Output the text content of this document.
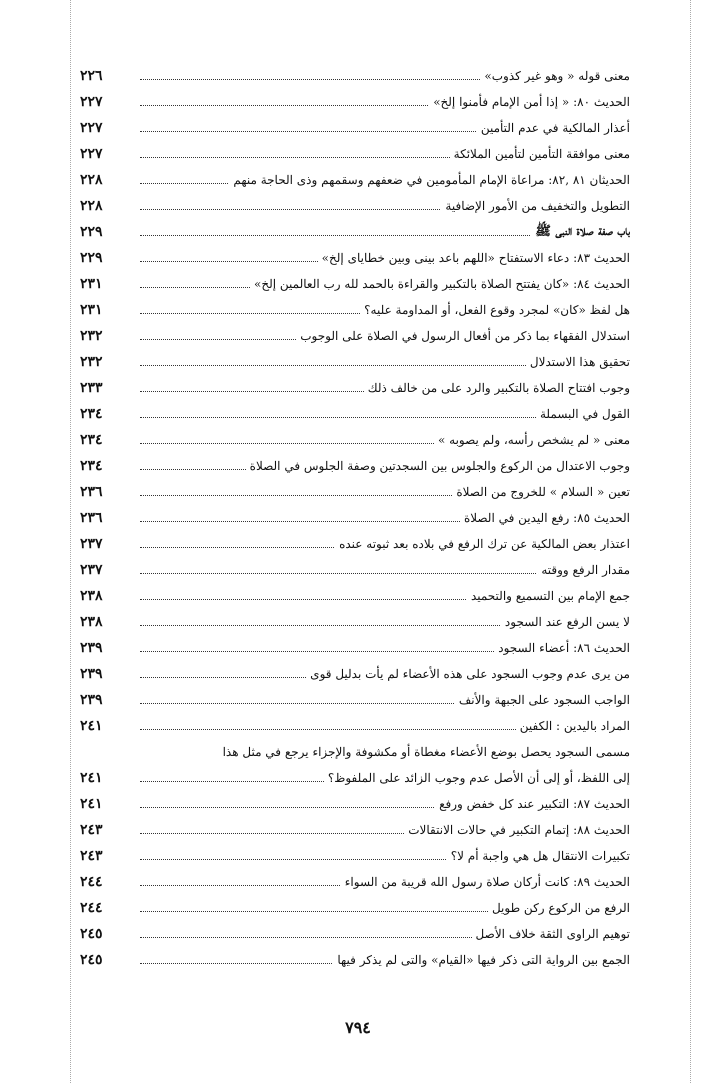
معنى قوله « وهو غير كذوب»
٢٢٦
الحديث ٨٠: « إذا أمن الإمام فأمنوا إلخ»
٢٢٧
أعذار المالكية في عدم التأمين
٢٢٧
معنى موافقة التأمين لتأمين الملائكة
٢٢٧
الحديثان ٨١ ,٨٢: مراعاة الإمام المأمومين في ضعفهم وسقمهم وذى الحاجة منهم
٢٢٨
التطويل والتخفيف من الأمور الإضافية
٢٢٨
باب صفة صلاة النبى ﷺ
٢٢٩
الحديث ٨٣: دعاء الاستفتاح «اللهم باعد بينى وبين خطاياى إلخ»
٢٢٩
الحديث ٨٤: «كان يفتتح الصلاة بالتكبير والقراءة بالحمد لله رب العالمين إلخ»
٢٣١
هل لفظ «كان» لمجرد وقوع الفعل، أو المداومة عليه؟
٢٣١
استدلال الفقهاء بما ذكر من أفعال الرسول في الصلاة على الوجوب
٢٣٢
تحقيق هذا الاستدلال
٢٣٢
وجوب افتتاح الصلاة بالتكبير والرد على من خالف ذلك
٢٣٣
القول في البسملة
٢٣٤
معنى « لم يشخص رأسه، ولم يصوبه »
٢٣٤
وجوب الاعتدال من الركوع والجلوس بين السجدتين وصفة الجلوس في الصلاة
٢٣٤
تعين « السلام » للخروج من الصلاة
٢٣٦
الحديث ٨٥: رفع اليدين في الصلاة
٢٣٦
اعتذار بعض المالكية عن ترك الرفع في بلاده بعد ثبوته عنده
٢٣٧
مقدار الرفع ووقته
٢٣٧
جمع الإمام بين التسميع والتحميد
٢٣٨
لا يسن الرفع عند السجود
٢٣٨
الحديث ٨٦: أعضاء السجود
٢٣٩
من يرى عدم وجوب السجود على هذه الأعضاء لم يأت بدليل قوى
٢٣٩
الواجب السجود على الجبهة والأنف
٢٣٩
المراد باليدين : الكفين
٢٤١
مسمى السجود يحصل بوضع الأعضاء مغطاة أو مكشوفة والإجزاء يرجع في مثل هذا
إلى اللفظ، أو إلى أن الأصل عدم وجوب الزائد على الملفوظ؟
٢٤١
الحديث ٨٧: التكبير عند كل خفض ورفع
٢٤١
الحديث ٨٨: إتمام التكبير في حالات الانتقالات
٢٤٣
تكبيرات الانتقال هل هي واجبة أم لا؟
٢٤٣
الحديث ٨٩: كانت أركان صلاة رسول الله قريبة من السواء
٢٤٤
الرفع من الركوع ركن طويل
٢٤٤
توهيم الراوى الثقة خلاف الأصل
٢٤٥
الجمع بين الرواية التى ذكر فيها «القيام» والتى لم يذكر فيها
٢٤٥
٧٩٤
